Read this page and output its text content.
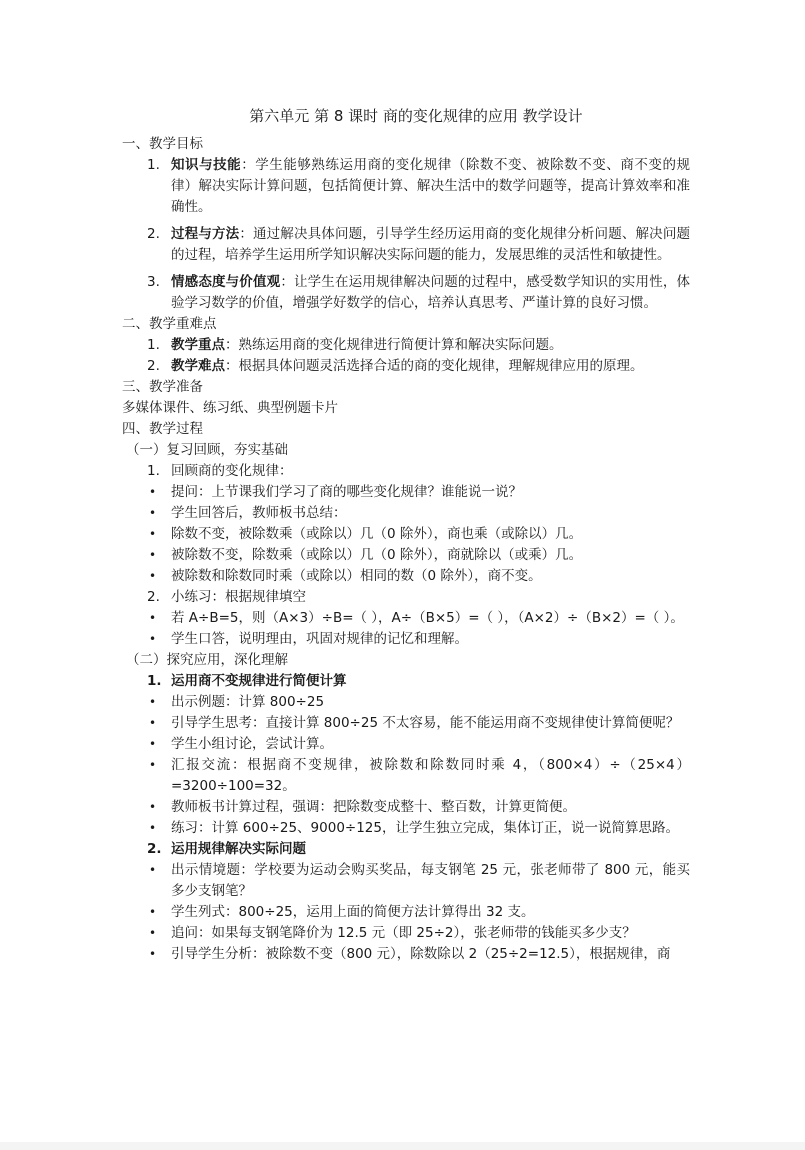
第六单元 第 8 课时 商的变化规律的应用 教学设计

一、教学目标

1. 知识与技能：学生能够熟练运用商的变化规律（除数不变、被除数不变、商不变的规律）解决实际计算问题，包括简便计算、解决生活中的数学问题等，提高计算效率和准确性。
2. 过程与方法：通过解决具体问题，引导学生经历运用商的变化规律分析问题、解决问题的过程，培养学生运用所学知识解决实际问题的能力，发展思维的灵活性和敏捷性。
3. 情感态度与价值观：让学生在运用规律解决问题的过程中，感受数学知识的实用性，体验学习数学的价值，增强学好数学的信心，培养认真思考、严谨计算的良好习惯。

二、教学重难点

1. 教学重点：熟练运用商的变化规律进行简便计算和解决实际问题。
2. 教学难点：根据具体问题灵活选择合适的商的变化规律，理解规律应用的原理。

三、教学准备

多媒体课件、练习纸、典型例题卡片

四、教学过程

（一）复习回顾，夯实基础

1. 回顾商的变化规律：
•	提问：上节课我们学习了商的哪些变化规律？谁能说一说？
•	学生回答后，教师板书总结：
•	除数不变，被除数乘（或除以）几（0 除外），商也乘（或除以）几。
•	被除数不变，除数乘（或除以）几（0 除外），商就除以（或乘）几。
•	被除数和除数同时乘（或除以）相同的数（0 除外），商不变。
2. 小练习：根据规律填空
•	若 A÷B=5，则（A×3）÷B=（ ），A÷（B×5）=（ ），（A×2）÷（B×2）=（ ）。
•	学生口答，说明理由，巩固对规律的记忆和理解。

（二）探究应用，深化理解

1. 运用商不变规律进行简便计算
•	出示例题：计算 800÷25
•	引导学生思考：直接计算 800÷25 不太容易，能不能运用商不变规律使计算简便呢？
•	学生小组讨论，尝试计算。
•	汇报交流：根据商不变规律，被除数和除数同时乘 4，（800×4）÷（25×4）=3200÷100=32。
•	教师板书计算过程，强调：把除数变成整十、整百数，计算更简便。
•	练习：计算 600÷25、9000÷125，让学生独立完成，集体订正，说一说简算思路。
2. 运用规律解决实际问题
•	出示情境题：学校要为运动会购买奖品，每支钢笔 25 元，张老师带了 800 元，能买多少支钢笔？
•	学生列式：800÷25，运用上面的简便方法计算得出 32 支。
•	追问：如果每支钢笔降价为 12.5 元（即 25÷2），张老师带的钱能买多少支？
•	引导学生分析：被除数不变（800 元），除数除以 2（25÷2=12.5），根据规律，商
